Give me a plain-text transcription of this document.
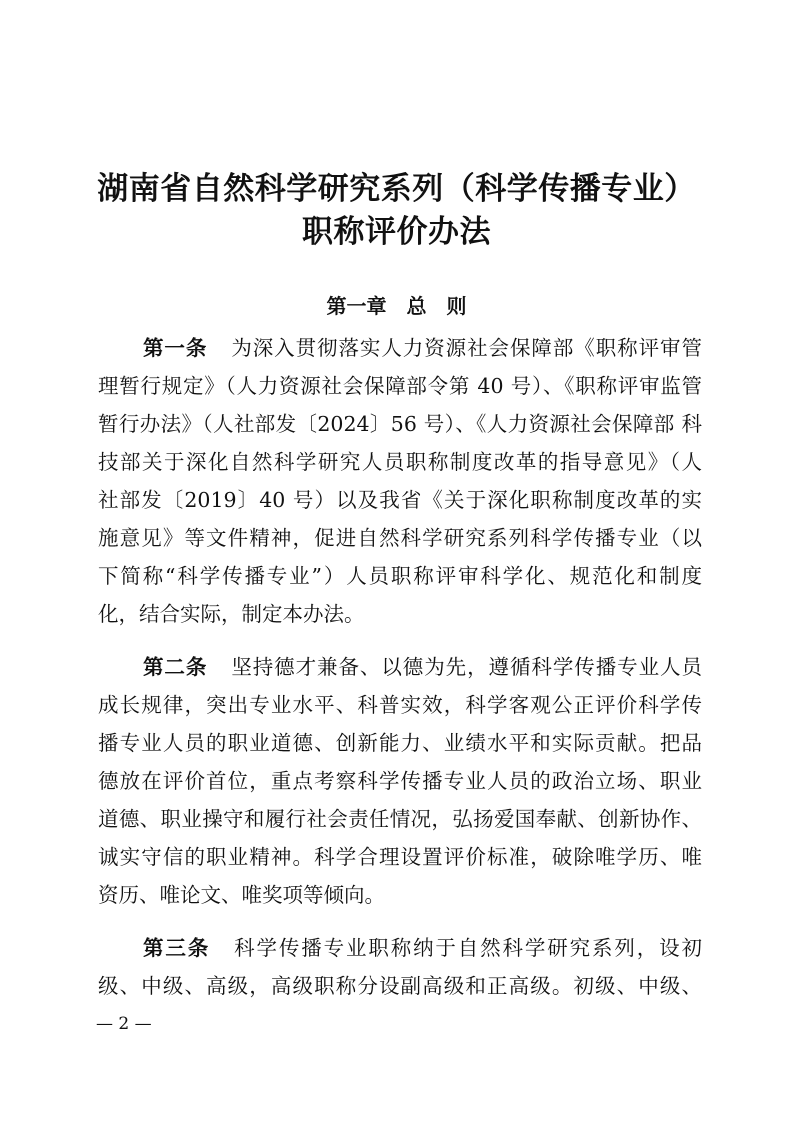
湖南省自然科学研究系列（科学传播专业）
职称评价办法
第一章　总　则
第一条 为深入贯彻落实人力资源社会保障部《职称评审管
理暂行规定》（人力资源社会保障部令第 40 号）、《职称评审监管
暂行办法》（人社部发〔2024〕56 号）、《人力资源社会保障部 科
技部关于深化自然科学研究人员职称制度改革的指导意见》（人
社部发〔2019〕40 号）以及我省《关于深化职称制度改革的实
施意见》等文件精神，促进自然科学研究系列科学传播专业（以
下简称“科学传播专业”）人员职称评审科学化、规范化和制度
化，结合实际，制定本办法。
第二条 坚持德才兼备、以德为先，遵循科学传播专业人员
成长规律，突出专业水平、科普实效，科学客观公正评价科学传
播专业人员的职业道德、创新能力、业绩水平和实际贡献。把品
德放在评价首位，重点考察科学传播专业人员的政治立场、职业
道德、职业操守和履行社会责任情况，弘扬爱国奉献、创新协作、
诚实守信的职业精神。科学合理设置评价标准，破除唯学历、唯
资历、唯论文、唯奖项等倾向。
第三条 科学传播专业职称纳于自然科学研究系列，设初
级、中级、高级，高级职称分设副高级和正高级。初级、中级、
— 2 —
